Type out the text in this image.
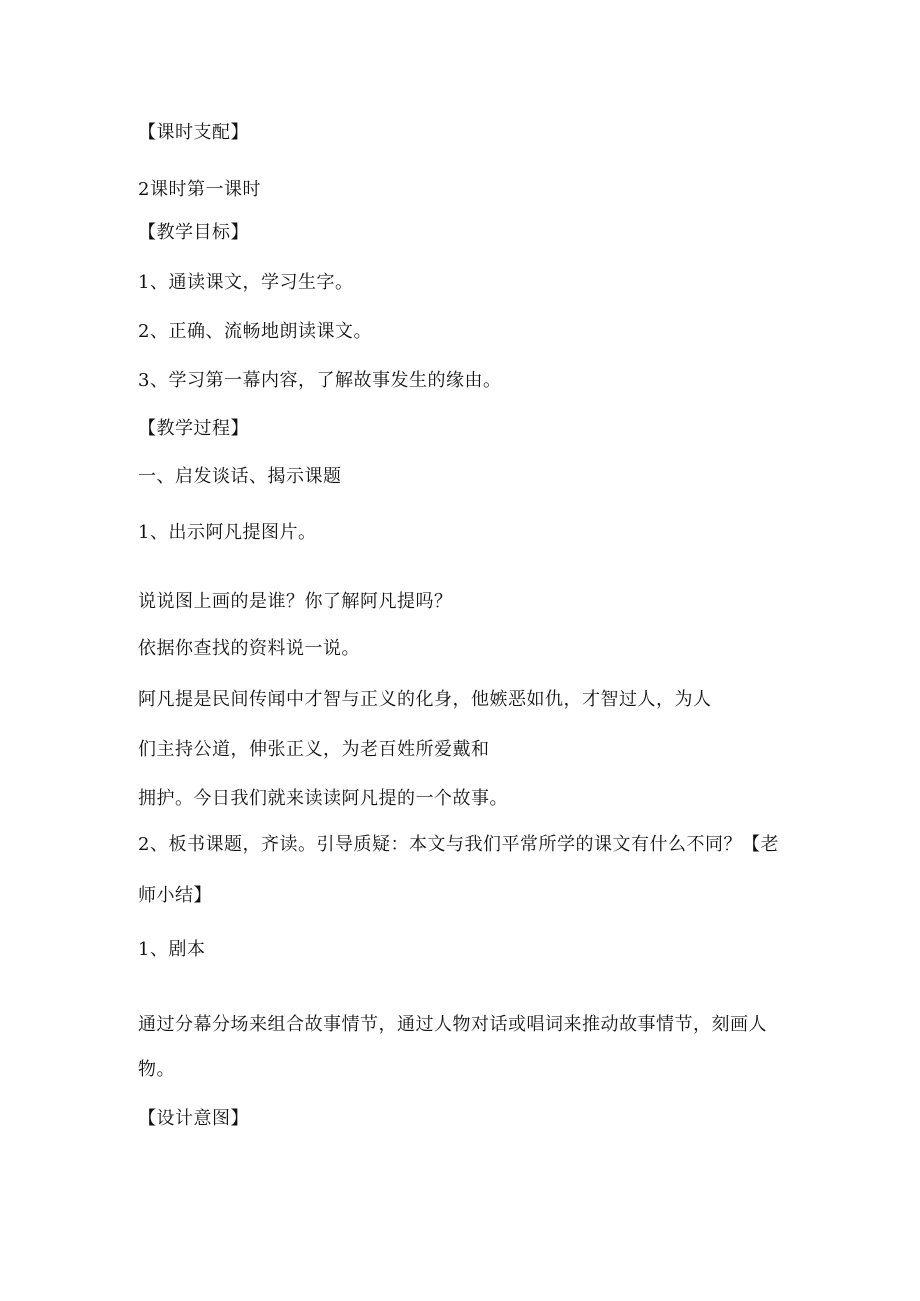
【课时支配】
2课时第一课时
【教学目标】
1、通读课文，学习生字。
2、正确、流畅地朗读课文。
3、学习第一幕内容，了解故事发生的缘由。
【教学过程】
一、启发谈话、揭示课题
1、出示阿凡提图片。
说说图上画的是谁？你了解阿凡提吗？
依据你查找的资料说一说。
阿凡提是民间传闻中才智与正义的化身，他嫉恶如仇，才智过人，为人
们主持公道，伸张正义，为老百姓所爱戴和
拥护。今日我们就来读读阿凡提的一个故事。
2、板书课题，齐读。引导质疑：本文与我们平常所学的课文有什么不同？【老
师小结】
1、剧本
通过分幕分场来组合故事情节，通过人物对话或唱词来推动故事情节，刻画人
物。
【设计意图】
